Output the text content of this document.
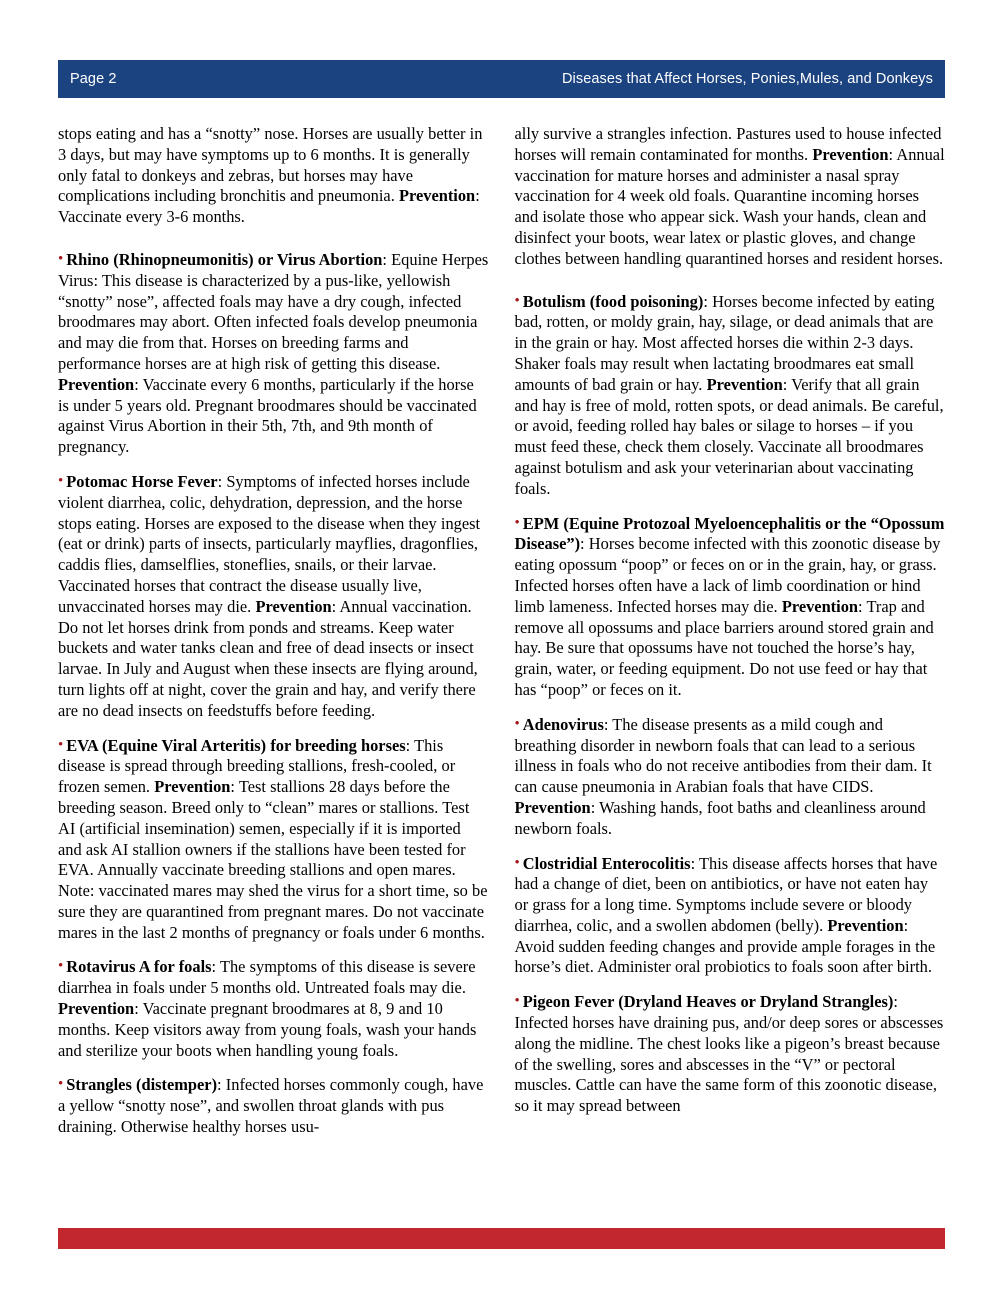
Page 2	Diseases that Affect Horses, Ponies,Mules, and Donkeys
stops eating and has a “snotty” nose. Horses are usually better in 3 days, but may have symptoms up to 6 months. It is generally only fatal to donkeys and zebras, but horses may have complications including bronchitis and pneumonia. Prevention: Vaccinate every 3-6 months.
• Rhino (Rhinopneumonitis) or Virus Abortion: Equine Herpes Virus: This disease is characterized by a pus-like, yellowish “snotty” nose”, affected foals may have a dry cough, infected broodmares may abort. Often infected foals develop pneumonia and may die from that. Horses on breeding farms and performance horses are at high risk of getting this disease. Prevention: Vaccinate every 6 months, particularly if the horse is under 5 years old. Pregnant broodmares should be vaccinated against Virus Abortion in their 5th, 7th, and 9th month of pregnancy.
• Potomac Horse Fever: Symptoms of infected horses include violent diarrhea, colic, dehydration, depression, and the horse stops eating. Horses are exposed to the disease when they ingest (eat or drink) parts of insects, particularly mayflies, dragonflies, caddis flies, damselflies, stoneflies, snails, or their larvae. Vaccinated horses that contract the disease usually live, unvaccinated horses may die. Prevention: Annual vaccination. Do not let horses drink from ponds and streams. Keep water buckets and water tanks clean and free of dead insects or insect larvae. In July and August when these insects are flying around, turn lights off at night, cover the grain and hay, and verify there are no dead insects on feedstuffs before feeding.
• EVA (Equine Viral Arteritis) for breeding horses: This disease is spread through breeding stallions, fresh-cooled, or frozen semen. Prevention: Test stallions 28 days before the breeding season. Breed only to “clean” mares or stallions. Test AI (artificial insemination) semen, especially if it is imported and ask AI stallion owners if the stallions have been tested for EVA. Annually vaccinate breeding stallions and open mares. Note: vaccinated mares may shed the virus for a short time, so be sure they are quarantined from pregnant mares. Do not vaccinate mares in the last 2 months of pregnancy or foals under 6 months.
• Rotavirus A for foals: The symptoms of this disease is severe diarrhea in foals under 5 months old. Untreated foals may die. Prevention: Vaccinate pregnant broodmares at 8, 9 and 10 months. Keep visitors away from young foals, wash your hands and sterilize your boots when handling young foals.
• Strangles (distemper): Infected horses commonly cough, have a yellow “snotty nose”, and swollen throat glands with pus draining. Otherwise healthy horses usu-
ally survive a strangles infection. Pastures used to house infected horses will remain contaminated for months. Prevention: Annual vaccination for mature horses and administer a nasal spray vaccination for 4 week old foals. Quarantine incoming horses and isolate those who appear sick. Wash your hands, clean and disinfect your boots, wear latex or plastic gloves, and change clothes between handling quarantined horses and resident horses.
• Botulism (food poisoning): Horses become infected by eating bad, rotten, or moldy grain, hay, silage, or dead animals that are in the grain or hay. Most affected horses die within 2-3 days. Shaker foals may result when lactating broodmares eat small amounts of bad grain or hay. Prevention: Verify that all grain and hay is free of mold, rotten spots, or dead animals. Be careful, or avoid, feeding rolled hay bales or silage to horses – if you must feed these, check them closely. Vaccinate all broodmares against botulism and ask your veterinarian about vaccinating foals.
• EPM (Equine Protozoal Myeloencephalitis or the “Opossum Disease”): Horses become infected with this zoonotic disease by eating opossum “poop” or feces on or in the grain, hay, or grass. Infected horses often have a lack of limb coordination or hind limb lameness. Infected horses may die. Prevention: Trap and remove all opossums and place barriers around stored grain and hay. Be sure that opossums have not touched the horse’s hay, grain, water, or feeding equipment. Do not use feed or hay that has “poop” or feces on it.
• Adenovirus: The disease presents as a mild cough and breathing disorder in newborn foals that can lead to a serious illness in foals who do not receive antibodies from their dam. It can cause pneumonia in Arabian foals that have CIDS. Prevention: Washing hands, foot baths and cleanliness around newborn foals.
• Clostridial Enterocolitis: This disease affects horses that have had a change of diet, been on antibiotics, or have not eaten hay or grass for a long time. Symptoms include severe or bloody diarrhea, colic, and a swollen abdomen (belly). Prevention: Avoid sudden feeding changes and provide ample forages in the horse’s diet. Administer oral probiotics to foals soon after birth.
• Pigeon Fever (Dryland Heaves or Dryland Strangles): Infected horses have draining pus, and/or deep sores or abscesses along the midline. The chest looks like a pigeon’s breast because of the swelling, sores and abscesses in the “V” or pectoral muscles. Cattle can have the same form of this zoonotic disease, so it may spread between
